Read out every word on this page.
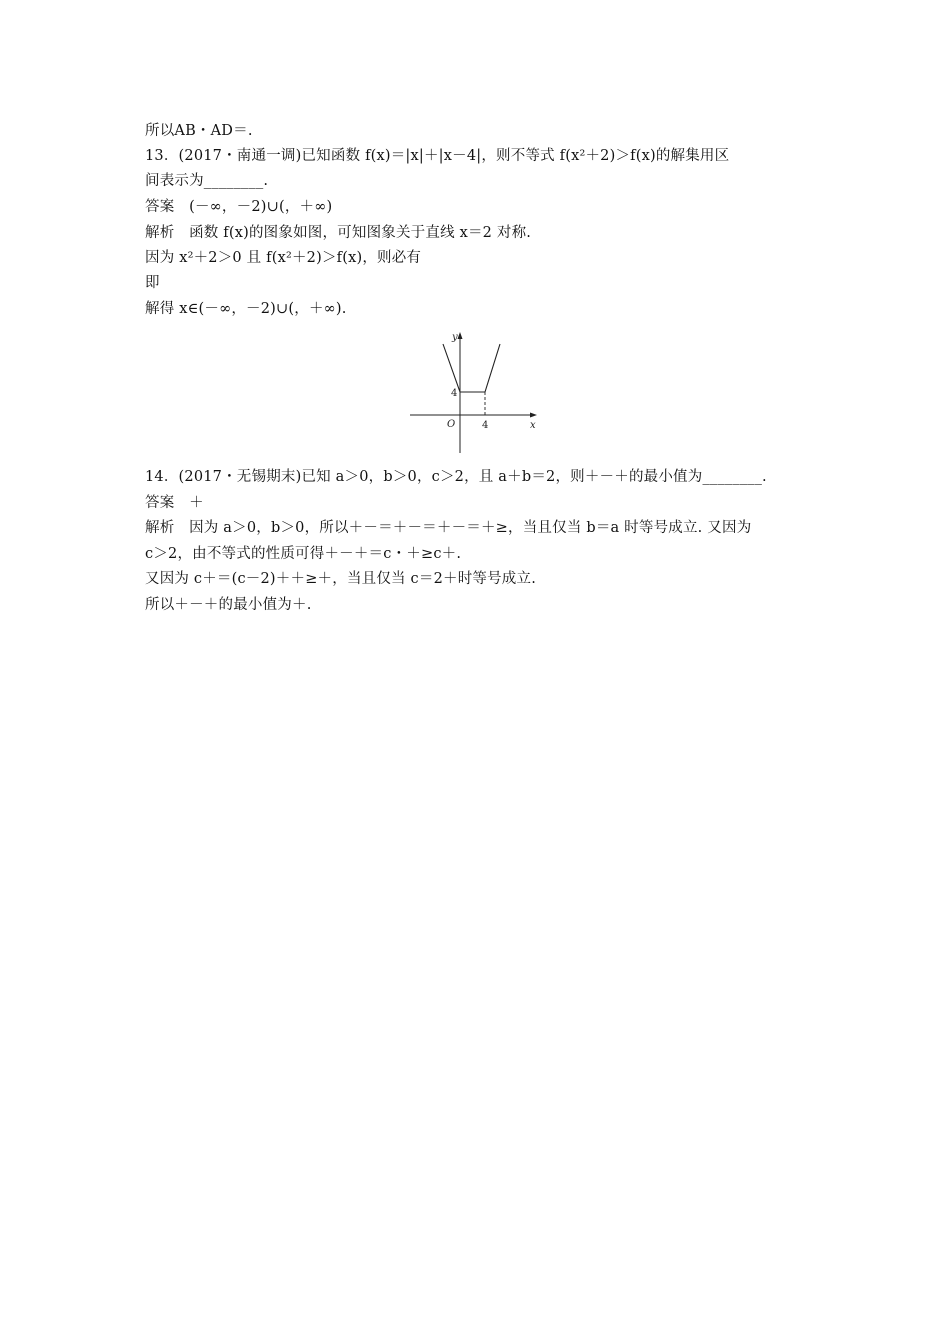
所以AB・AD＝.
13．(2017・南通一调)已知函数 f(x)＝|x|＋|x－4|，则不等式 f(x²＋2)＞f(x)的解集用区
间表示为________.
答案　(－∞，－2)∪(，＋∞)
解析　函数 f(x)的图象如图，可知图象关于直线 x＝2 对称.
因为 x²＋2＞0 且 f(x²＋2)＞f(x)，则必有
即
解得 x∈(－∞，－2)∪(，＋∞).
y
x
O
4
4
14．(2017・无锡期末)已知 a＞0，b＞0，c＞2，且 a＋b＝2，则＋－＋的最小值为________.
答案　＋
解析　因为 a＞0，b＞0，所以＋－＝＋－＝＋－＝＋≥，当且仅当 b＝a 时等号成立. 又因为
c＞2，由不等式的性质可得＋－＋＝c・＋≥c＋.
又因为 c＋＝(c－2)＋＋≥＋，当且仅当 c＝2＋时等号成立.
所以＋－＋的最小值为＋.
